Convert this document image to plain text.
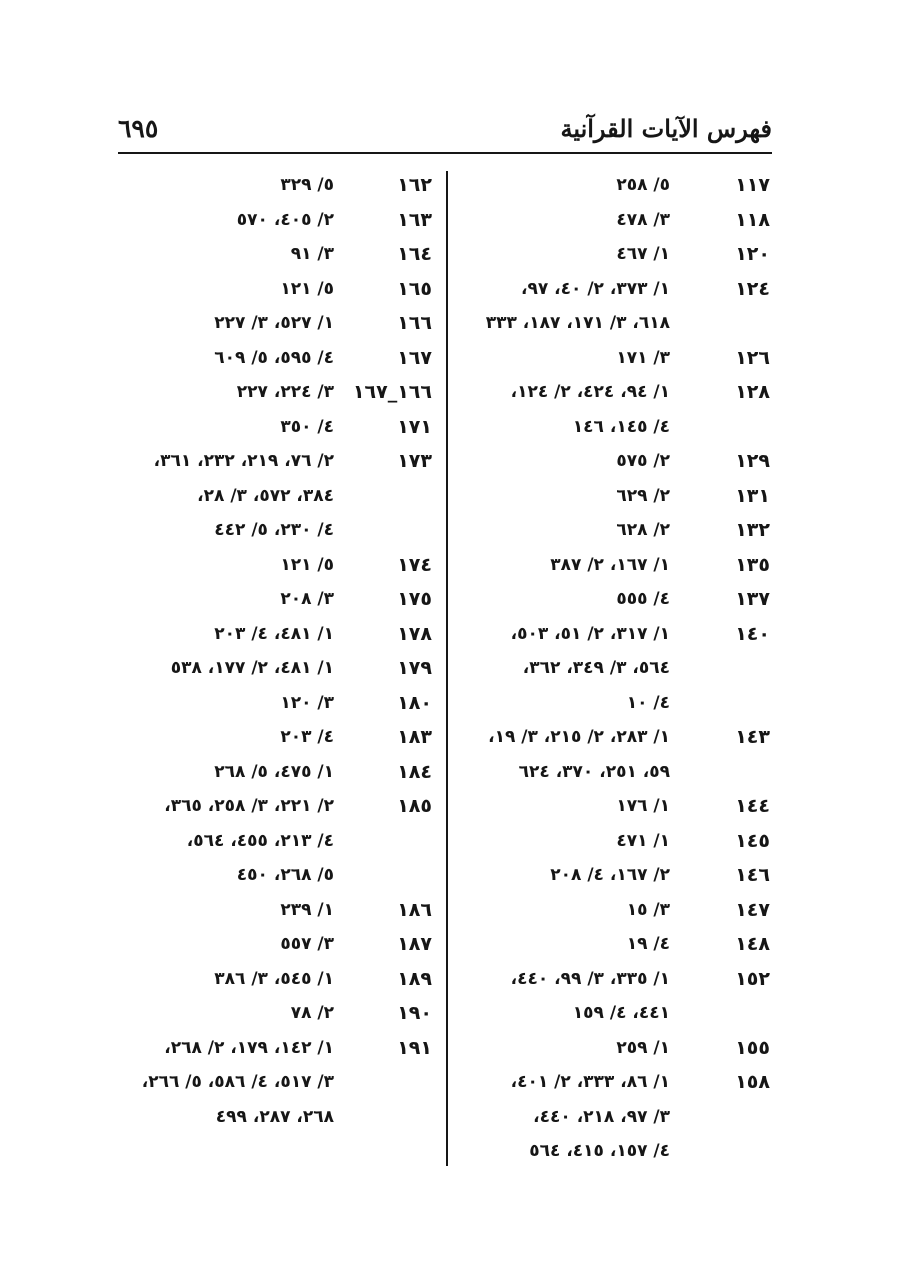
فهرس الآيات القرآنية
٦٩٥
١١٧
٥/ ٢٥٨
١١٨
٣/ ٤٧٨
١٢٠
١/ ٤٦٧
١٢٤
١/ ٣٧٣، ٢/ ٤٠، ٩٧،
٦١٨، ٣/ ١٧١، ١٨٧، ٣٣٣
١٢٦
٣/ ١٧١
١٢٨
١/ ٩٤، ٤٢٤، ٢/ ١٢٤،
٤/ ١٤٥، ١٤٦
١٢٩
٢/ ٥٧٥
١٣١
٢/ ٦٢٩
١٣٢
٢/ ٦٢٨
١٣٥
١/ ١٦٧، ٢/ ٣٨٧
١٣٧
٤/ ٥٥٥
١٤٠
١/ ٣١٧، ٢/ ٥١، ٥٠٣،
٥٦٤، ٣/ ٣٤٩، ٣٦٢،
٤/ ١٠
١٤٣
١/ ٢٨٣، ٢/ ٢١٥، ٣/ ١٩،
٥٩، ٢٥١، ٣٧٠، ٦٢٤
١٤٤
١/ ١٧٦
١٤٥
١/ ٤٧١
١٤٦
٢/ ١٦٧، ٤/ ٢٠٨
١٤٧
٣/ ١٥
١٤٨
٤/ ١٩
١٥٢
١/ ٣٣٥، ٣/ ٩٩، ٤٤٠،
٤٤١، ٤/ ١٥٩
١٥٥
١/ ٢٥٩
١٥٨
١/ ٨٦، ٣٣٣، ٢/ ٤٠١،
٣/ ٩٧، ٢١٨، ٤٤٠،
٤/ ١٥٧، ٤١٥، ٥٦٤
١٦٢
٥/ ٣٢٩
١٦٣
٢/ ٤٠٥، ٥٧٠
١٦٤
٣/ ٩١
١٦٥
٥/ ١٢١
١٦٦
١/ ٥٢٧، ٣/ ٢٢٧
١٦٧
٤/ ٥٩٥، ٥/ ٦٠٩
١٦٦_١٦٧
٣/ ٢٢٤، ٢٢٧
١٧١
٤/ ٣٥٠
١٧٣
٢/ ٧٦، ٢١٩، ٢٣٢، ٣٦١،
٣٨٤، ٥٧٢، ٣/ ٢٨،
٤/ ٢٣٠، ٥/ ٤٤٢
١٧٤
٥/ ١٢١
١٧٥
٣/ ٢٠٨
١٧٨
١/ ٤٨١، ٤/ ٢٠٣
١٧٩
١/ ٤٨١، ٢/ ١٧٧، ٥٣٨
١٨٠
٣/ ١٢٠
١٨٣
٤/ ٢٠٣
١٨٤
١/ ٤٧٥، ٥/ ٢٦٨
١٨٥
٢/ ٢٢١، ٣/ ٢٥٨، ٣٦٥،
٤/ ٢١٣، ٤٥٥، ٥٦٤،
٥/ ٢٦٨، ٤٥٠
١٨٦
١/ ٢٣٩
١٨٧
٣/ ٥٥٧
١٨٩
١/ ٥٤٥، ٣/ ٣٨٦
١٩٠
٢/ ٧٨
١٩١
١/ ١٤٢، ١٧٩، ٢/ ٢٦٨،
٣/ ٥١٧، ٤/ ٥٨٦، ٥/ ٢٦٦،
٢٦٨، ٢٨٧، ٤٩٩
